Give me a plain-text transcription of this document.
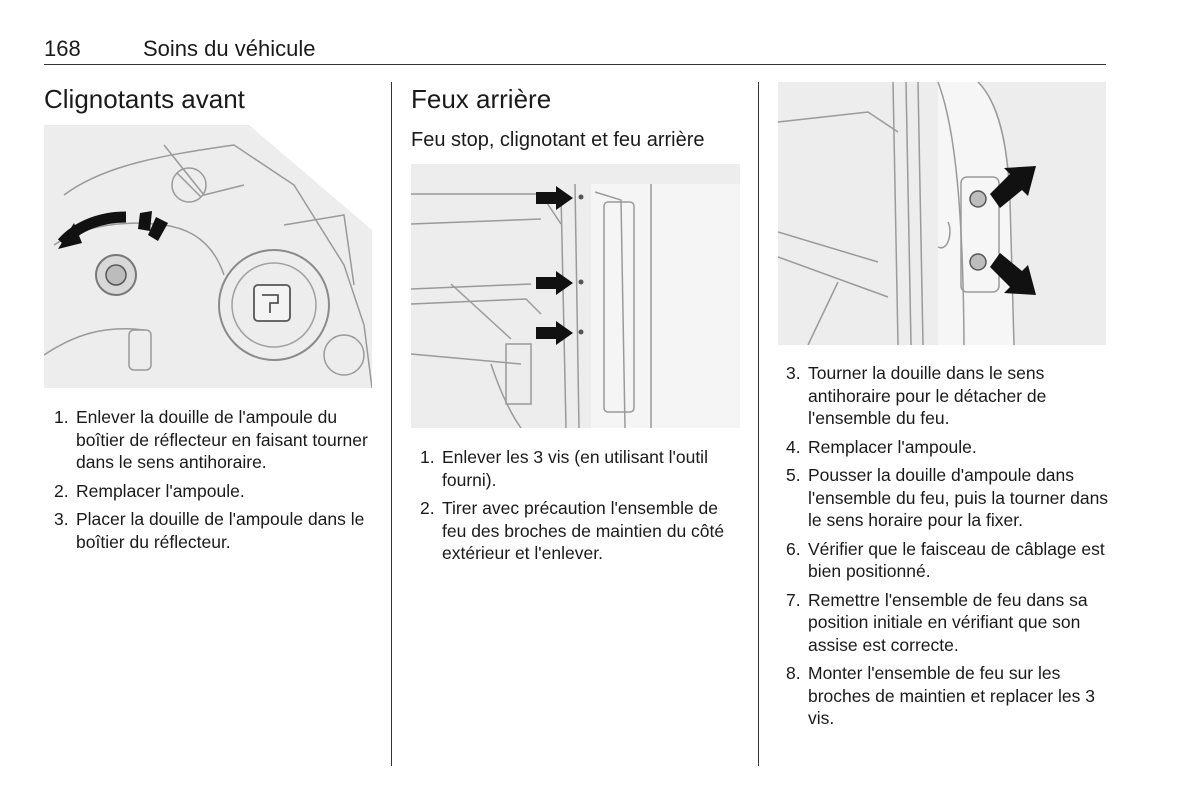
168	Soins du véhicule
Clignotants avant
1. Enlever la douille de l'ampoule du boîtier de réflecteur en faisant tourner dans le sens antihoraire.
2. Remplacer l'ampoule.
3. Placer la douille de l'ampoule dans le boîtier du réflecteur.
Feux arrière
Feu stop, clignotant et feu arrière
1. Enlever les 3 vis (en utilisant l'outil fourni).
2. Tirer avec précaution l'ensemble de feu des broches de maintien du côté extérieur et l'enlever.
3. Tourner la douille dans le sens antihoraire pour le détacher de l'ensemble du feu.
4. Remplacer l'ampoule.
5. Pousser la douille d'ampoule dans l'ensemble du feu, puis la tourner dans le sens horaire pour la fixer.
6. Vérifier que le faisceau de câblage est bien positionné.
7. Remettre l'ensemble de feu dans sa position initiale en vérifiant que son assise est correcte.
8. Monter l'ensemble de feu sur les broches de maintien et replacer les 3 vis.
